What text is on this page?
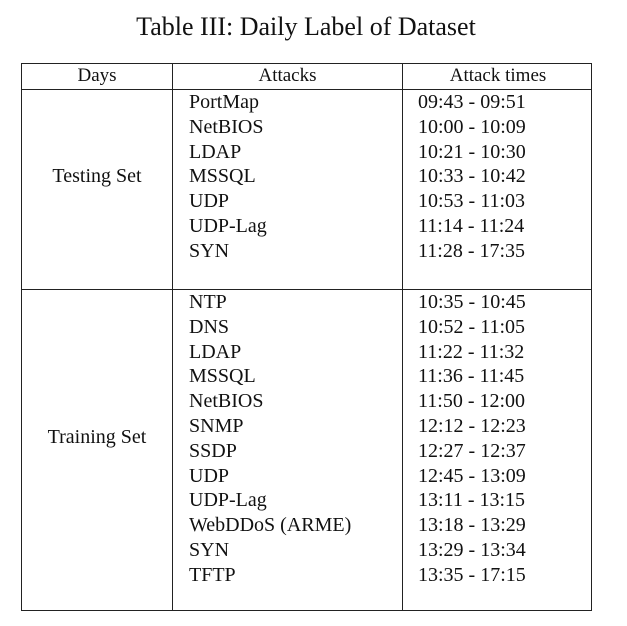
Table III: Daily Label of Dataset
Days	Attacks	Attack times
Testing Set
PortMap	09:43 - 09:51
NetBIOS	10:00 - 10:09
LDAP	10:21 - 10:30
MSSQL	10:33 - 10:42
UDP	10:53 - 11:03
UDP-Lag	11:14 - 11:24
SYN	11:28 - 17:35
Training Set
NTP	10:35 - 10:45
DNS	10:52 - 11:05
LDAP	11:22 - 11:32
MSSQL	11:36 - 11:45
NetBIOS	11:50 - 12:00
SNMP	12:12 - 12:23
SSDP	12:27 - 12:37
UDP	12:45 - 13:09
UDP-Lag	13:11 - 13:15
WebDDoS (ARME)	13:18 - 13:29
SYN	13:29 - 13:34
TFTP	13:35 - 17:15
